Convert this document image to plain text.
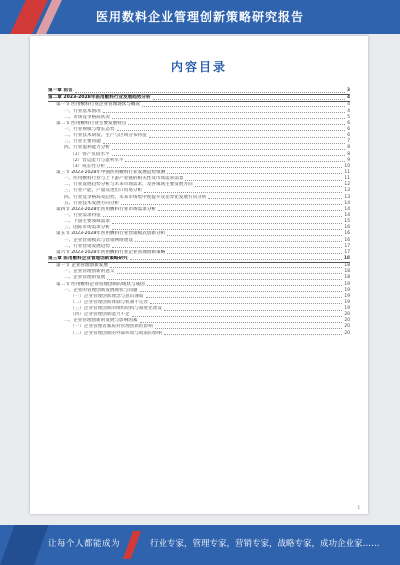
医用数料企业管理创新策略研究报告
内容目录
第一章 前言	3
第二章 2023-2028年医用敷料行业发展趋势分析	4
第一节 医用敷料行业企业管理现状与概况	4
一、行业基本情况	4
二、市场竞争格局状况	5
第二节 医用敷料行业主要发展特点	6
一、行业规模与增长态势	6
二、行业技术研发、生产与区域分布特征	6
三、行业主要问题	7
四、行业盈利能力分析	8
（1）资产负债水平	8
（2）营运能力与盈利水平	9
（3）成长性分析	10
第三节 2023-2028年中国医用敷料行业发展趋势预测	11
一、医用敷料行业与上下游产业链的相关性及市场需求前景	11
二、行业发展趋势分析与未来市场需求，及各领域主要发展方向	12
三、行业产能、产量及进出口贸易分析	13
四、行业竞争格局及趋势，未来市场集中度提升及差异化发展方向分析	13
五、行业技术发展方向分析	14
第四节 2023-2028年医用敷料行业市场需求分析	14
一、行业需求特征	14
二、下游主要领域需求	15
三、国际市场需求分析	16
第五节 2023-2028年医用敷料行业营销模式创新分析	16
一、企业营销模式与营销网络建设	16
二、行业营销发展趋势	17
第六节 2023-2028年医用敷料行业企业管理创新策略	17
第三章 医用敷料企业管理创新策略研究	18
第一节 企业管理创新发展	18
一、企业管理创新的意义	18
二、企业管理的发展	18
第二节 医用敷料企业管理创新的现状与成因	19
一、企业的管理创新发展现状与问题	19
（一）企业管理创新理念与意识薄弱	19
（二）企业管理创新体制与机制不完善	19
（三）企业管理创新的组织结构与制度化建设	19
（四）企业管理创新能力不足	20
二、企业管理创新的发展与影响因素	20
（一）企业管理者素质对管理创新的影响	20
（二）企业管理创新的外部环境与政策的影响	20
1
让每个人都能成为	行业专家，管理专家，营销专家，战略专家，成功企业家……
